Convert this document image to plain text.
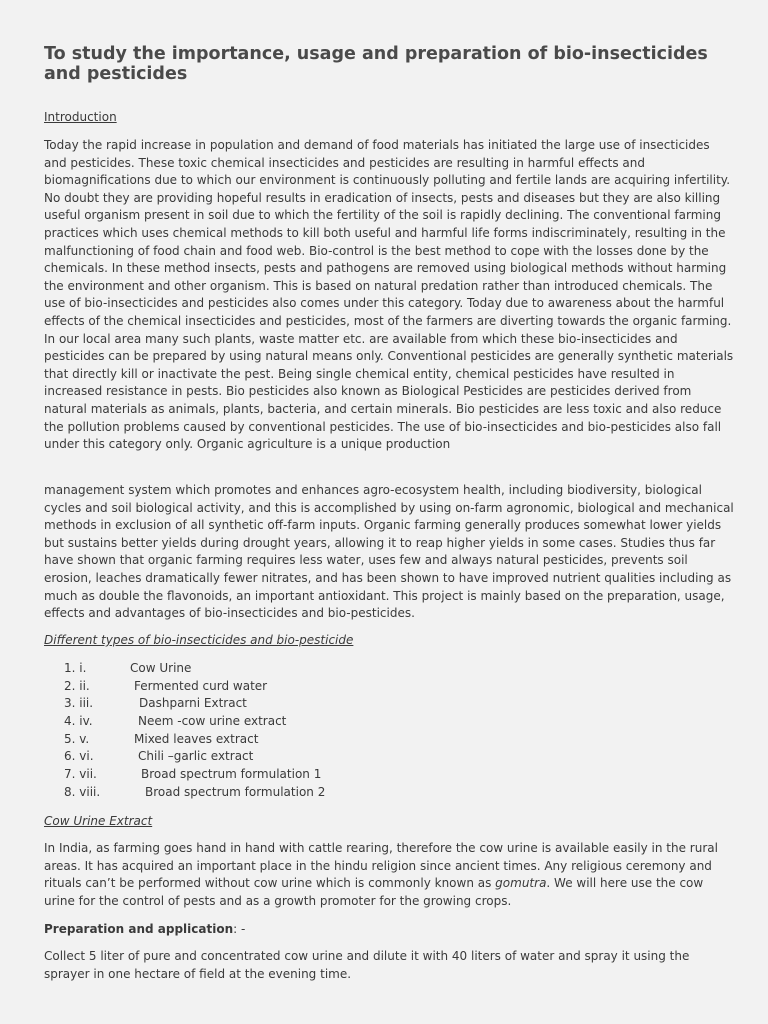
To study the importance, usage and preparation of bio-insecticides and pesticides
Introduction

Today the rapid increase in population and demand of food materials has initiated the large use of insecticides and pesticides. These toxic chemical insecticides and pesticides are resulting in harmful effects and biomagnifications due to which our environment is continuously polluting and fertile lands are acquiring infertility. No doubt they are providing hopeful results in eradication of insects, pests and diseases but they are also killing useful organism present in soil due to which the fertility of the soil is rapidly declining. The conventional farming practices which uses chemical methods to kill both useful and harmful life forms indiscriminately, resulting in the malfunctioning of food chain and food web. Bio-control is the best method to cope with the losses done by the chemicals. In these method insects, pests and pathogens are removed using biological methods without harming the environment and other organism. This is based on natural predation rather than introduced chemicals. The use of bio-insecticides and pesticides also comes under this category. Today due to awareness about the harmful effects of the chemical insecticides and pesticides, most of the farmers are diverting towards the organic farming. In our local area many such plants, waste matter etc. are available from which these bio-insecticides and pesticides can be prepared by using natural means only. Conventional pesticides are generally synthetic materials that directly kill or inactivate the pest. Being single chemical entity, chemical pesticides have resulted in increased resistance in pests. Bio pesticides also known as Biological Pesticides are pesticides derived from natural materials as animals, plants, bacteria, and certain minerals. Bio pesticides are less toxic and also reduce the pollution problems caused by conventional pesticides. The use of bio-insecticides and bio-pesticides also fall under this category only. Organic agriculture is a unique production

management system which promotes and enhances agro-ecosystem health, including biodiversity, biological cycles and soil biological activity, and this is accomplished by using on-farm agronomic, biological and mechanical methods in exclusion of all synthetic off-farm inputs. Organic farming generally produces somewhat lower yields but sustains better yields during drought years, allowing it to reap higher yields in some cases. Studies thus far have shown that organic farming requires less water, uses few and always natural pesticides, prevents soil erosion, leaches dramatically fewer nitrates, and has been shown to have improved nutrient qualities including as much as double the flavonoids, an important antioxidant. This project is mainly based on the preparation, usage, effects and advantages of bio-insecticides and bio-pesticides.

Different types of bio-insecticides and bio-pesticide
1. i.	Cow Urine
2. ii.	Fermented curd water
3. iii.	Dashparni Extract
4. iv.	Neem -cow urine extract
5. v.	Mixed leaves extract
6. vi.	Chili –garlic extract
7. vii.	Broad spectrum formulation 1
8. viii.	Broad spectrum formulation 2
Cow Urine Extract

In India, as farming goes hand in hand with cattle rearing, therefore the cow urine is available easily in the rural areas. It has acquired an important place in the hindu religion since ancient times. Any religious ceremony and rituals can’t be performed without cow urine which is commonly known as gomutra. We will here use the cow urine for the control of pests and as a growth promoter for the growing crops.

Preparation and application: -

Collect 5 liter of pure and concentrated cow urine and dilute it with 40 liters of water and spray it using the sprayer in one hectare of field at the evening time.
